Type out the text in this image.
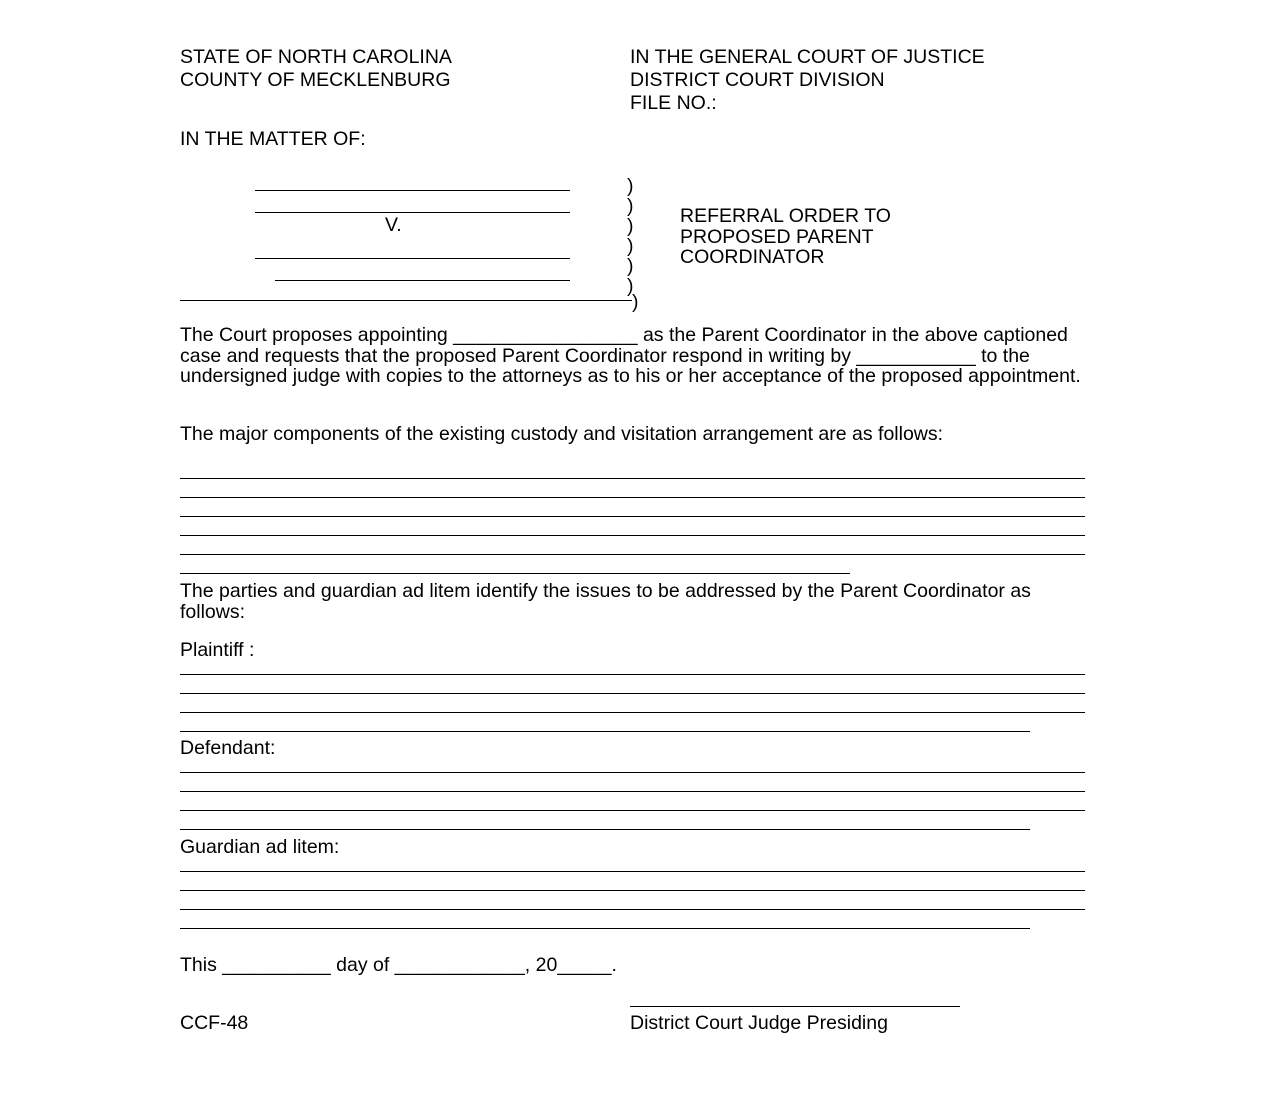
STATE OF NORTH CAROLINA
COUNTY OF MECKLENBURG
IN THE GENERAL COURT OF JUSTICE
DISTRICT COURT DIVISION
FILE NO.:
IN THE MATTER OF:
V.
)
)
)
)
)
)
)
REFERRAL ORDER TO
PROPOSED PARENT
COORDINATOR
The Court proposes appointing _________________ as the Parent Coordinator in the above captioned case and requests that the proposed Parent Coordinator respond in writing by ___________ to the undersigned judge with copies to the attorneys as to his or her acceptance of the proposed appointment.
The major components of the existing custody and visitation arrangement are as follows:
The parties and guardian ad litem identify the issues to be addressed by the Parent Coordinator as follows:
Plaintiff :
Defendant:
Guardian ad litem:
This __________ day of ____________, 20_____.
CCF-48	District Court Judge Presiding
